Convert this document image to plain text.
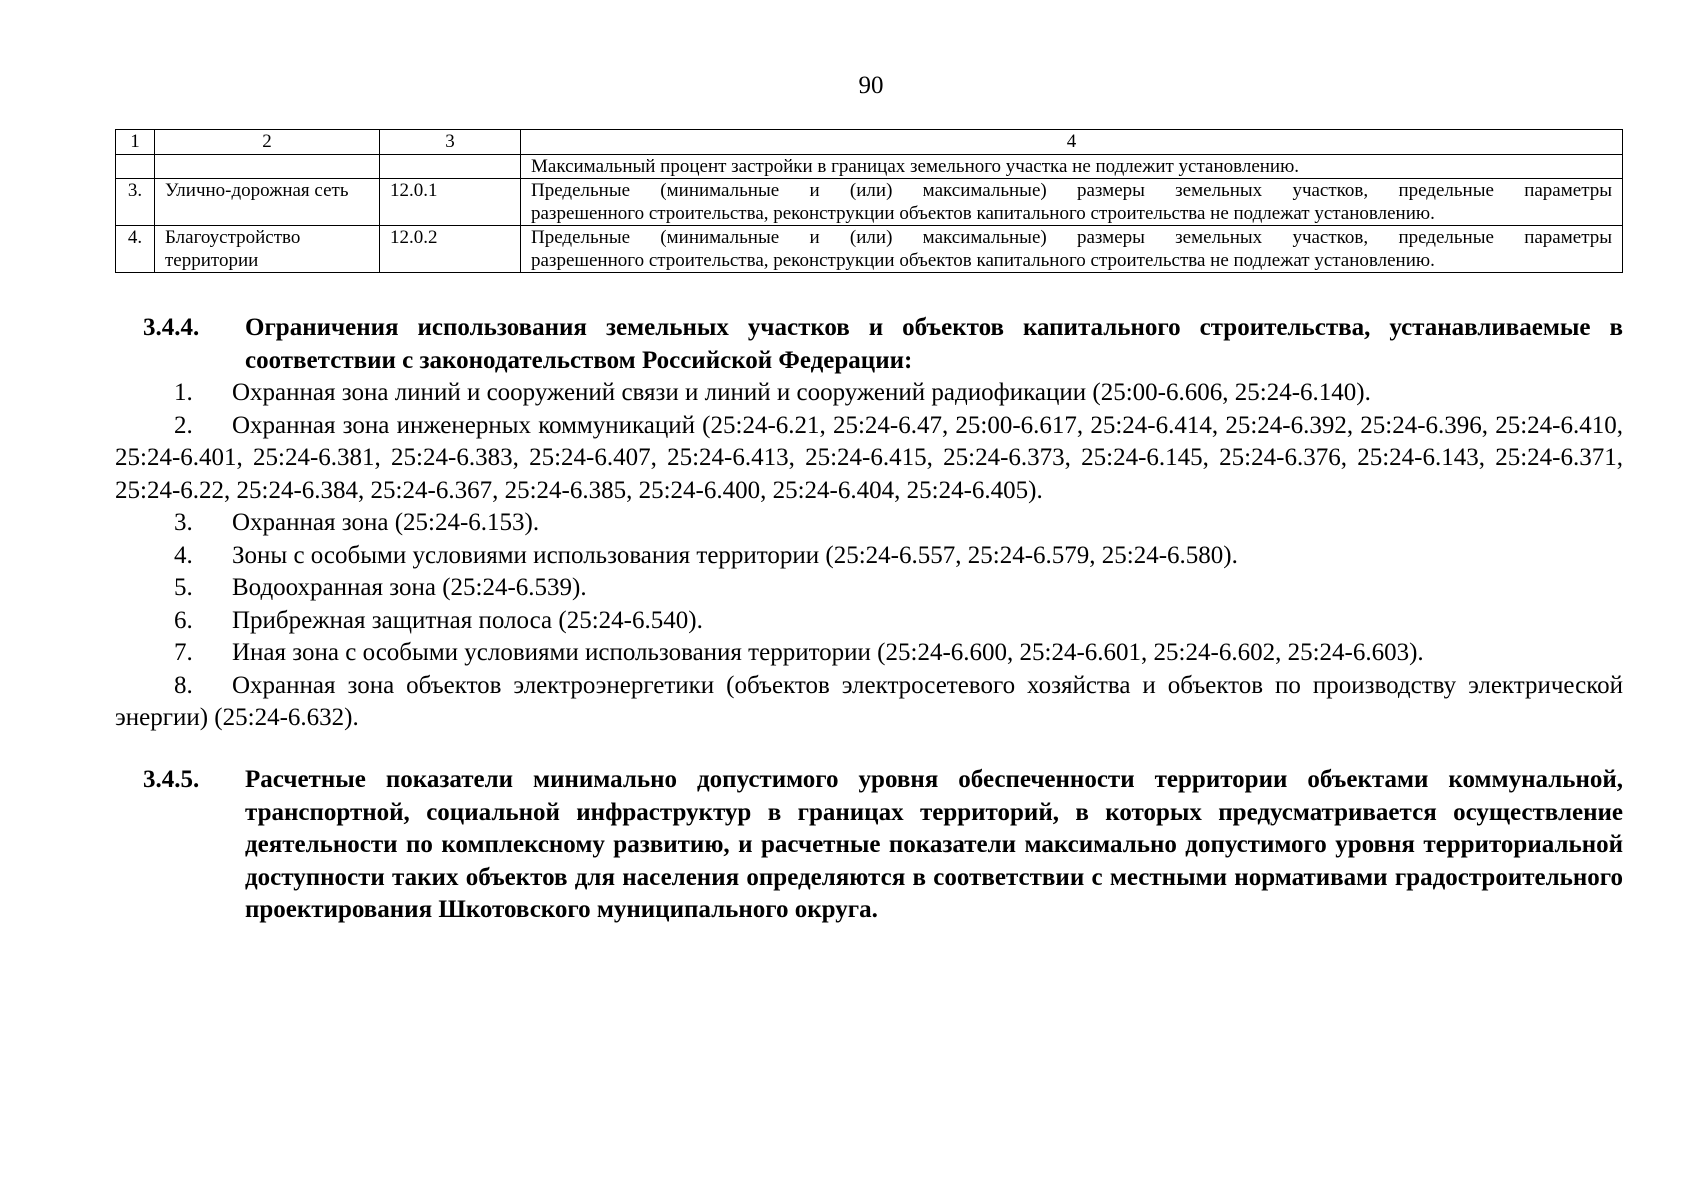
90
1	2	3	4

			Максимальный процент застройки в границах земельного участка не подлежит установлению.

3.	Улично-дорожная сеть	12.0.1	Предельные (минимальные и (или) максимальные) размеры земельных участков, предельные параметры
разрешенного строительства, реконструкции объектов капитального строительства не подлежат установлению.

4.	Благоустройство территории	12.0.2	Предельные (минимальные и (или) максимальные) размеры земельных участков, предельные параметры
разрешенного строительства, реконструкции объектов капитального строительства не подлежат установлению.
3.4.4.	Ограничения использования земельных участков и объектов капитального строительства, устанавливаемые в соответствии с законодательством Российской Федерации:
1. Охранная зона линий и сооружений связи и линий и сооружений радиофикации (25:00-6.606, 25:24-6.140).
2. Охранная зона инженерных коммуникаций (25:24-6.21, 25:24-6.47, 25:00-6.617, 25:24-6.414, 25:24-6.392, 25:24-6.396, 25:24-6.410, 25:24-6.401, 25:24-6.381, 25:24-6.383, 25:24-6.407, 25:24-6.413, 25:24-6.415, 25:24-6.373, 25:24-6.145, 25:24-6.376, 25:24-6.143, 25:24-6.371, 25:24-6.22, 25:24-6.384, 25:24-6.367, 25:24-6.385, 25:24-6.400, 25:24-6.404, 25:24-6.405).
3. Охранная зона (25:24-6.153).
4. Зоны с особыми условиями использования территории (25:24-6.557, 25:24-6.579, 25:24-6.580).
5. Водоохранная зона (25:24-6.539).
6. Прибрежная защитная полоса (25:24-6.540).
7. Иная зона с особыми условиями использования территории (25:24-6.600, 25:24-6.601, 25:24-6.602, 25:24-6.603).
8. Охранная зона объектов электроэнергетики (объектов электросетевого хозяйства и объектов по производству электрической энергии) (25:24-6.632).
3.4.5.	Расчетные показатели минимально допустимого уровня обеспеченности территории объектами коммунальной, транспортной, социальной инфраструктур в границах территорий, в которых предусматривается осуществление деятельности по комплексному развитию, и расчетные показатели максимально допустимого уровня территориальной доступности таких объектов для населения определяются в соответствии с местными нормативами градостроительного проектирования Шкотовского муниципального округа.
